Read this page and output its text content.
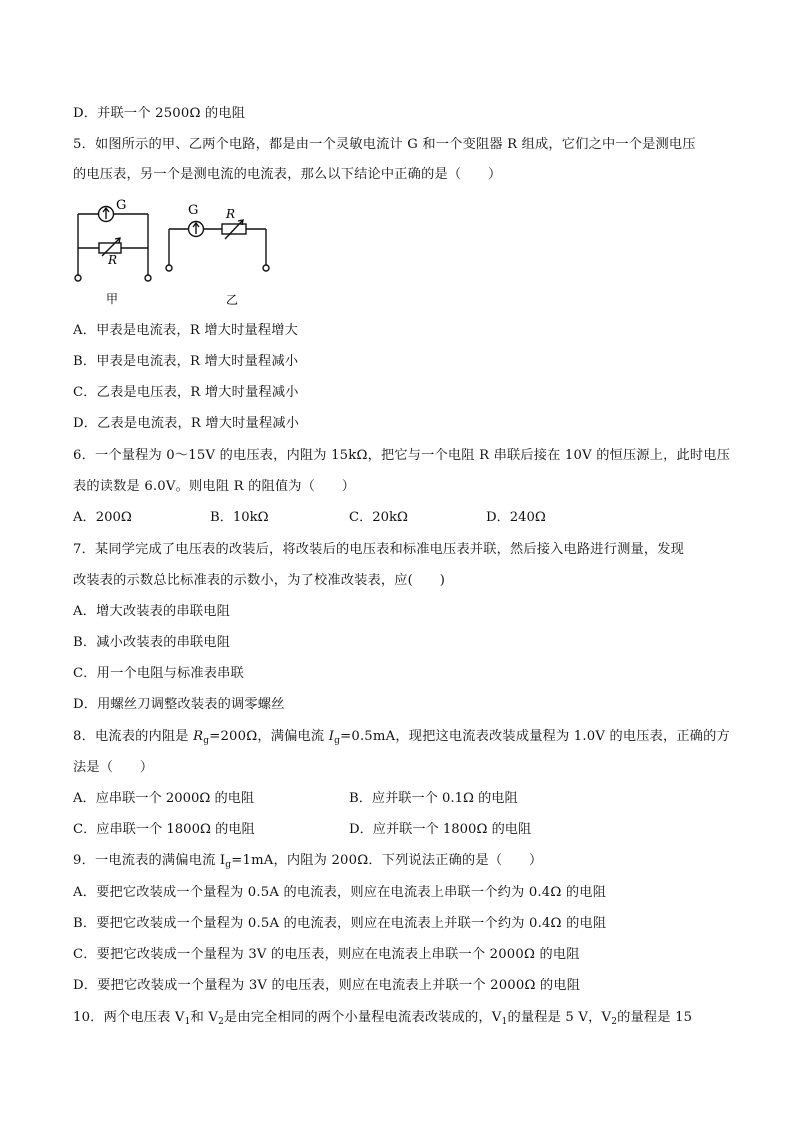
D．并联一个 2500Ω 的电阻
5．如图所示的甲、乙两个电路，都是由一个灵敏电流计 G 和一个变阻器 R 组成，它们之中一个是测电压
的电压表，另一个是测电流的电流表，那么以下结论中正确的是（　　）
G
R
甲
G R
乙
A．甲表是电流表，R 增大时量程增大
B．甲表是电流表，R 增大时量程减小
C．乙表是电压表，R 增大时量程减小
D．乙表是电流表，R 增大时量程减小
6．一个量程为 0～15V 的电压表，内阻为 15kΩ，把它与一个电阻 R 串联后接在 10V 的恒压源上，此时电压
表的读数是 6.0V。则电阻 R 的阻值为（　　）
A．200Ω	B．10kΩ	C．20kΩ	D．240Ω
7．某同学完成了电压表的改装后，将改装后的电压表和标准电压表并联，然后接入电路进行测量，发现
改装表的示数总比标准表的示数小，为了校准改装表，应(　　)
A．增大改装表的串联电阻
B．减小改装表的串联电阻
C．用一个电阻与标准表串联
D．用螺丝刀调整改装表的调零螺丝
8．电流表的内阻是 $R_g=200\Omega$，满偏电流 $I_g=0.5mA$，现把这电流表改装成量程为 1.0V 的电压表，正确的方
法是（　　）
A．应串联一个 2000Ω 的电阻	B．应并联一个 0.1Ω 的电阻
C．应串联一个 1800Ω 的电阻	D．应并联一个 1800Ω 的电阻
9．一电流表的满偏电流 $I_g=1mA$，内阻为 200Ω．下列说法正确的是（　　）
A．要把它改装成一个量程为 0.5A 的电流表，则应在电流表上串联一个约为 0.4Ω 的电阻
B．要把它改装成一个量程为 0.5A 的电流表，则应在电流表上并联一个约为 0.4Ω 的电阻
C．要把它改装成一个量程为 3V 的电压表，则应在电流表上串联一个 2000Ω 的电阻
D．要把它改装成一个量程为 3V 的电压表，则应在电流表上并联一个 2000Ω 的电阻
10．两个电压表 $V_1$和 $V_2$是由完全相同的两个小量程电流表改装成的，$V_1$的量程是 5 V，$V_2$的量程是 15
